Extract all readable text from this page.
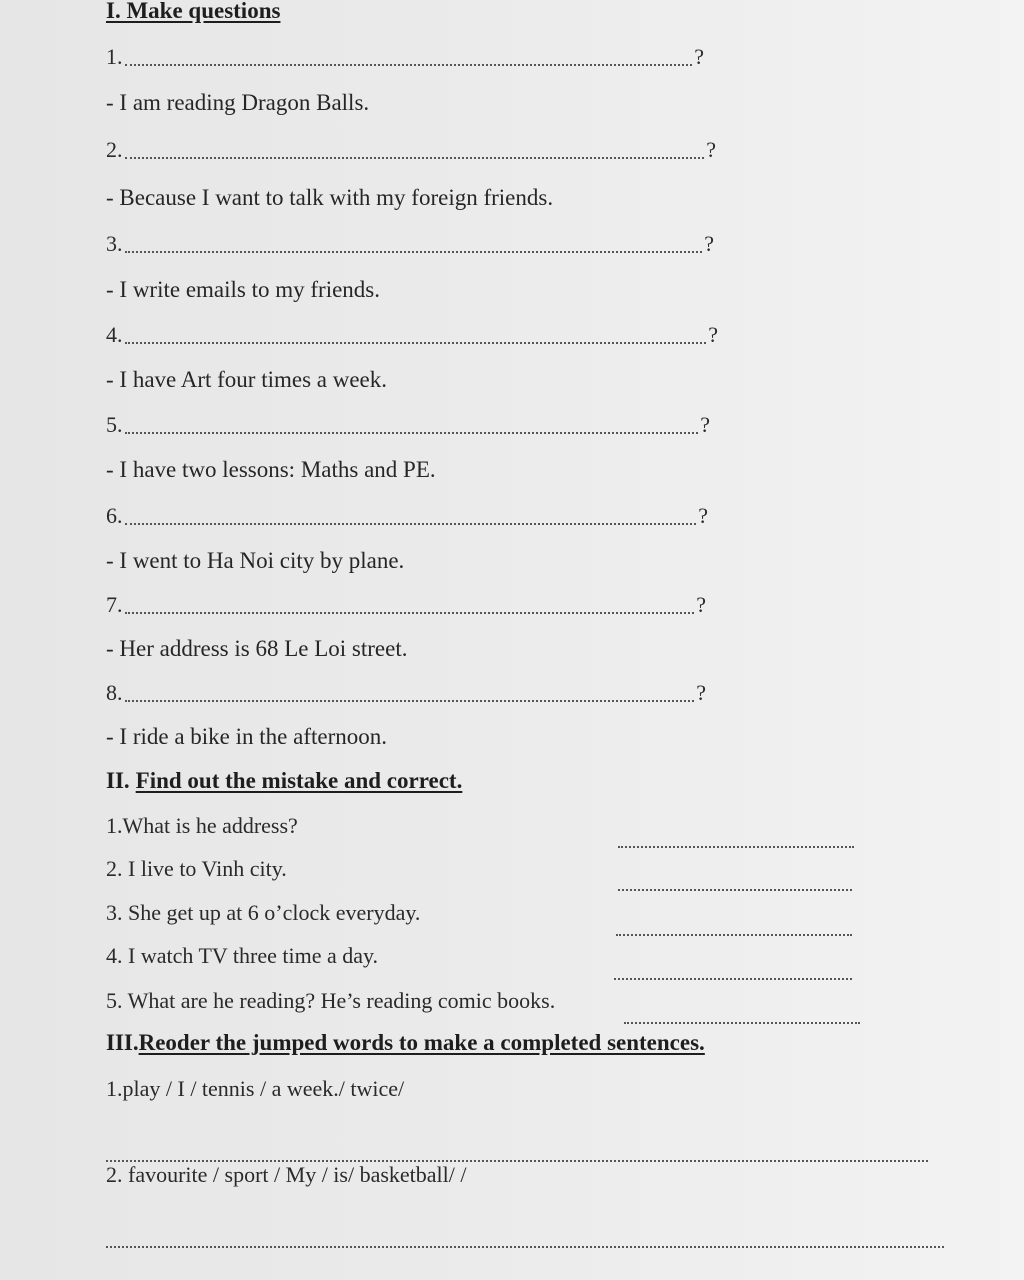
I. Make questions
1.	?
- I am reading Dragon Balls.
2.	?
- Because I want to talk with my foreign friends.
3.	?
- I write emails to my friends.
4.	?
- I have Art four times a week.
5.	?
- I have two lessons: Maths and PE.
6.	?
- I went to Ha Noi city by plane.
7.	?
- Her address is 68 Le Loi street.
8.	?
- I ride a bike in the afternoon.
II. Find out the mistake and correct.
1.What is he address?
2. I live to Vinh city.
3. She get up at 6 o’clock everyday.
4. I watch TV three time a day.
5. What are he reading? He’s reading comic books.
III.Reoder the jumped words to make a completed sentences.
1.play / I / tennis / a week./ twice/
2. favourite / sport / My / is/ basketball/ /
